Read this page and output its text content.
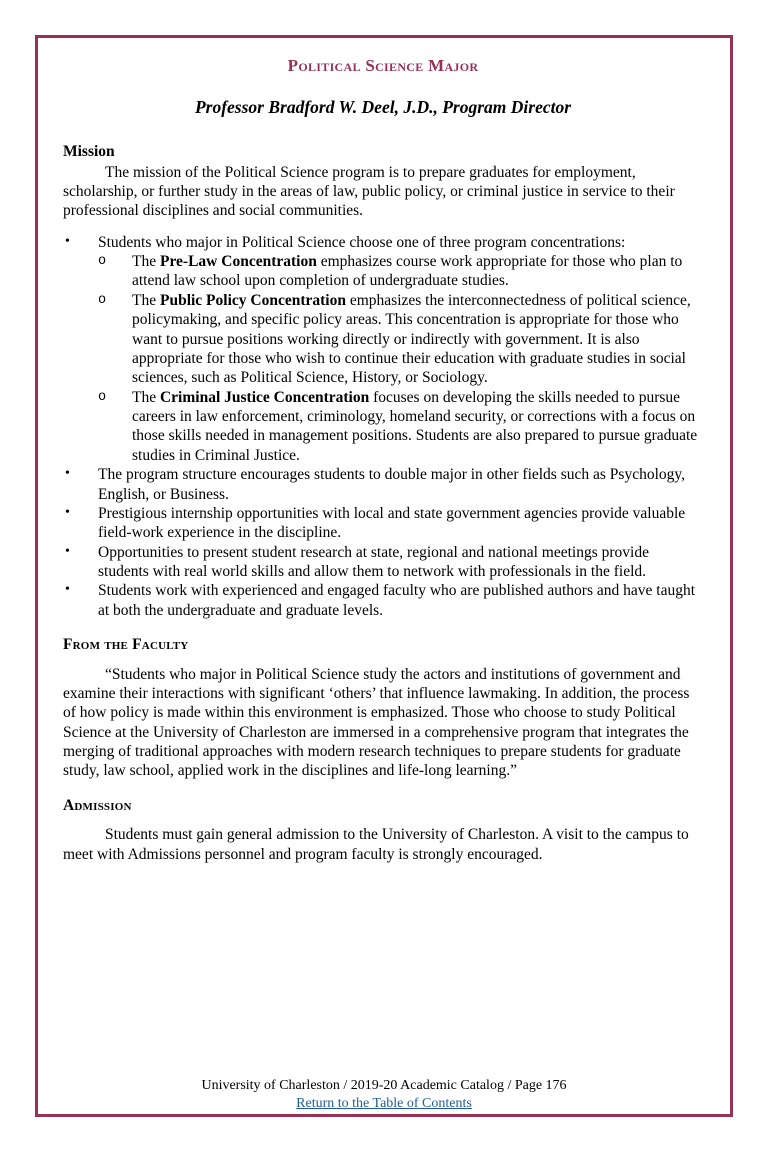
Political Science Major
Professor Bradford W. Deel, J.D., Program Director
Mission
The mission of the Political Science program is to prepare graduates for employment, scholarship, or further study in the areas of law, public policy, or criminal justice in service to their professional disciplines and social communities.
•	Students who major in Political Science choose one of three program concentrations:
o	The Pre-Law Concentration emphasizes course work appropriate for those who plan to attend law school upon completion of undergraduate studies.
o	The Public Policy Concentration emphasizes the interconnectedness of political science, policymaking, and specific policy areas. This concentration is appropriate for those who want to pursue positions working directly or indirectly with government. It is also appropriate for those who wish to continue their education with graduate studies in social sciences, such as Political Science, History, or Sociology.
o	The Criminal Justice Concentration focuses on developing the skills needed to pursue careers in law enforcement, criminology, homeland security, or corrections with a focus on those skills needed in management positions. Students are also prepared to pursue graduate studies in Criminal Justice.
•	The program structure encourages students to double major in other fields such as Psychology, English, or Business.
•	Prestigious internship opportunities with local and state government agencies provide valuable field-work experience in the discipline.
•	Opportunities to present student research at state, regional and national meetings provide students with real world skills and allow them to network with professionals in the field.
•	Students work with experienced and engaged faculty who are published authors and have taught at both the undergraduate and graduate levels.
From the Faculty
“Students who major in Political Science study the actors and institutions of government and examine their interactions with significant ‘others’ that influence lawmaking. In addition, the process of how policy is made within this environment is emphasized. Those who choose to study Political Science at the University of Charleston are immersed in a comprehensive program that integrates the merging of traditional approaches with modern research techniques to prepare students for graduate study, law school, applied work in the disciplines and life-long learning.”
Admission
Students must gain general admission to the University of Charleston. A visit to the campus to meet with Admissions personnel and program faculty is strongly encouraged.
University of Charleston / 2019-20 Academic Catalog / Page 176
Return to the Table of Contents
